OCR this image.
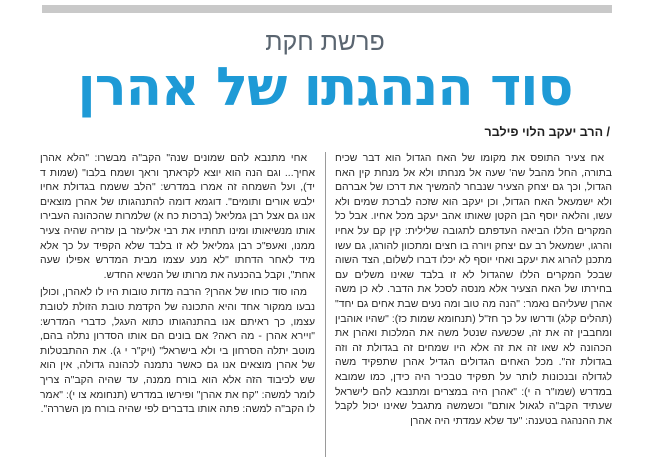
פרשת חקת
סוד הנהגתו של אהרן
/ הרב יעקב הלוי פילבר

אח צעיר התופס את מקומו של האח הגדול הוא דבר שכיח בתורה, החל מהבל שה' שעה אל מנחתו ולא אל מנחת קין האח הגדול, וכך גם יצחק הצעיר שנבחר להמשיך את דרכו של אברהם ולא ישמעאל האח הגדול, וכן יעקב הוא שזכה לברכת שמים ולא עשו, והלאה יוסף הבן הקטן שאותו אהב יעקב מכל אחיו. אבל כל המקרים הללו הביאה העדפתם לתגובה שלילית: קין קם על אחיו והרגו, ישמעאל רב עם יצחק ויורה בו חצים ומתכוון להורגו, גם עשו מתכנן להרוג את יעקב ואחי יוסף לא יכלו דברו לשלום, הצד השוה שבכל המקרים הללו שהגדול לא זו בלבד שאינו משלים עם בחירתו של האח הצעיר אלא מנסה לסכל את הדבר. לא כן משה אהרן שעליהם נאמר: "הנה מה טוב ומה נעים שבת אחים גם יחד" (תהלים קלג) ודרשו על כך חז"ל (תנחומא שמות כז): "שהיו אוהבין ומחבבין זה את זה, שכשעה שנטל משה את המלכות ואהרן את הכהונה לא שאו זה את זה אלא היו שמחים זה בגדולת זה וזה בגדולת זה". מכל האחים הגדולים הגדיל אהרן שתפקיד משה לגדולה ובנכונות לותר על תפקיד טבכיר היה כידן, כמו שמובא במדרש (שמו"ר ה י): "אהרן היה במצרים ומתנבא להם לישראל שעתיד הקב"ה לגאול אותם" וכשמשה מתגבל שאינו יכול לקבל את ההנהגה בטענה: "עד שלא עמדתי היה אהרן

אחי מתנבא להם שמונים שנה" הקב"ה מבשרו: "הלא אהרן אחיך... וגם הנה הוא יוצא לקראתך וראך ושמח בלבו" (שמות ד יד), ועל השמחה זה אמרו במדרש: "הלב ששמח בגדולת אחיו ילבש אורים ותומים". דוגמא דומה להתנהגותו של אהרן מוצאים אנו גם אצל רבן גמליאל (ברכות כח א) שלמרות שהכהונה העבירו אותו מנשיאותו ומינו תחתיו את רבי אליעזר בן עזריה שהיה צעיר ממנו, ואעפ"כ רבן גמליאל לא זו בלבד שלא הקפיד על כך אלא מיד לאחר הדחתו "לא מנע עצמו מבית המדרש אפילו שעה אחת", וקבל בהכנעה את מרותו של הנשיא החדש.

מהו סוד כוחו של אהרן? הרבה מדות טובות היו לו לאהרן, וכולן נבעו ממקור אחד והיא התכונה של הקדמת טובת הזולת לטובת עצמו, כך ראיתם אנו בהתנהגותו כתוא העגל, כדברי המדרש: "ויירא אהרן - מה ראה? אם בונים הם אותו הסדרון נתלה בהם, מוטב יתלה הסרחון בי ולא בישראל" (ויק"ר י ג). את ההתבטלות של אהרן מוצאים אנו גם כאשר נתמנה לכהונה גדולה, אין הוא שש לכיבוד הזה אלא הוא בורח ממנה, עד שהיה הקב"ה צריך לומר למשה: "קח את אהרן" ופירשו במדרש (תנחומא צו י): "אמר לו הקב"ה למשה: פתה אותו בדברים לפי שהיה בורח מן השררה".
